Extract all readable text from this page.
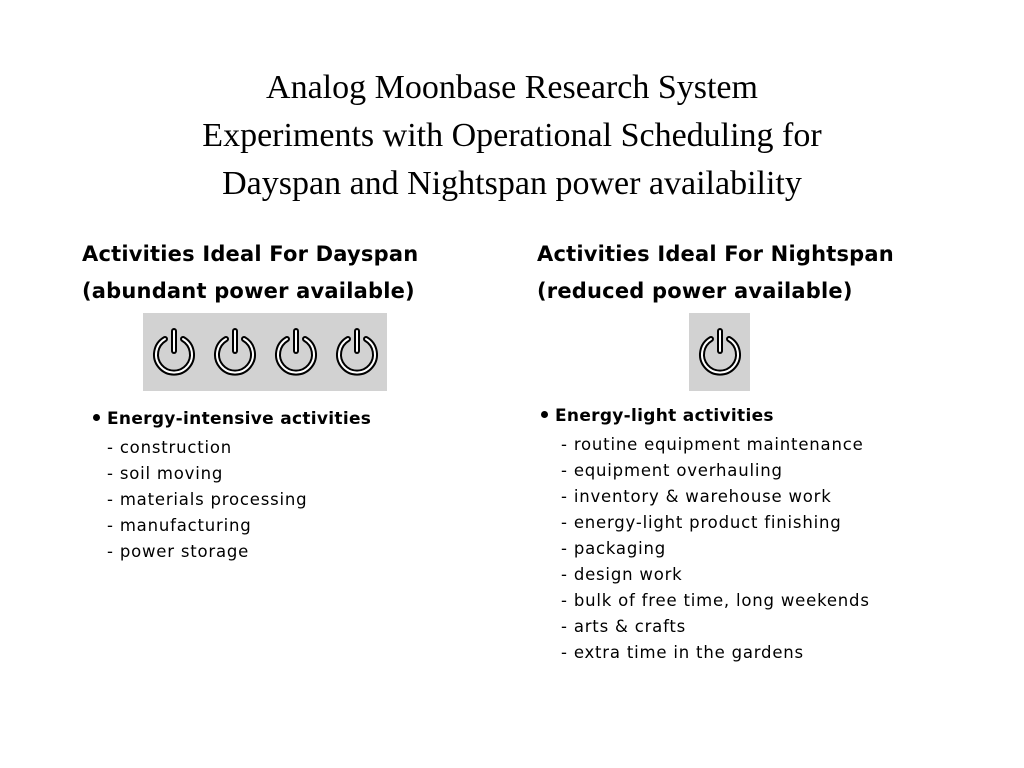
Analog Moonbase Research System
Experiments with Operational Scheduling for
Dayspan and Nightspan power availability
Activities Ideal For Dayspan
(abundant power available)
Energy-intensive activities
- construction
- soil moving
- materials processing
- manufacturing
- power storage
Activities Ideal For Nightspan
(reduced power available)
Energy-light activities
- routine equipment maintenance
- equipment overhauling
- inventory & warehouse work
- energy-light product finishing
- packaging
- design work
- bulk of free time, long weekends
- arts & crafts
- extra time in the gardens
